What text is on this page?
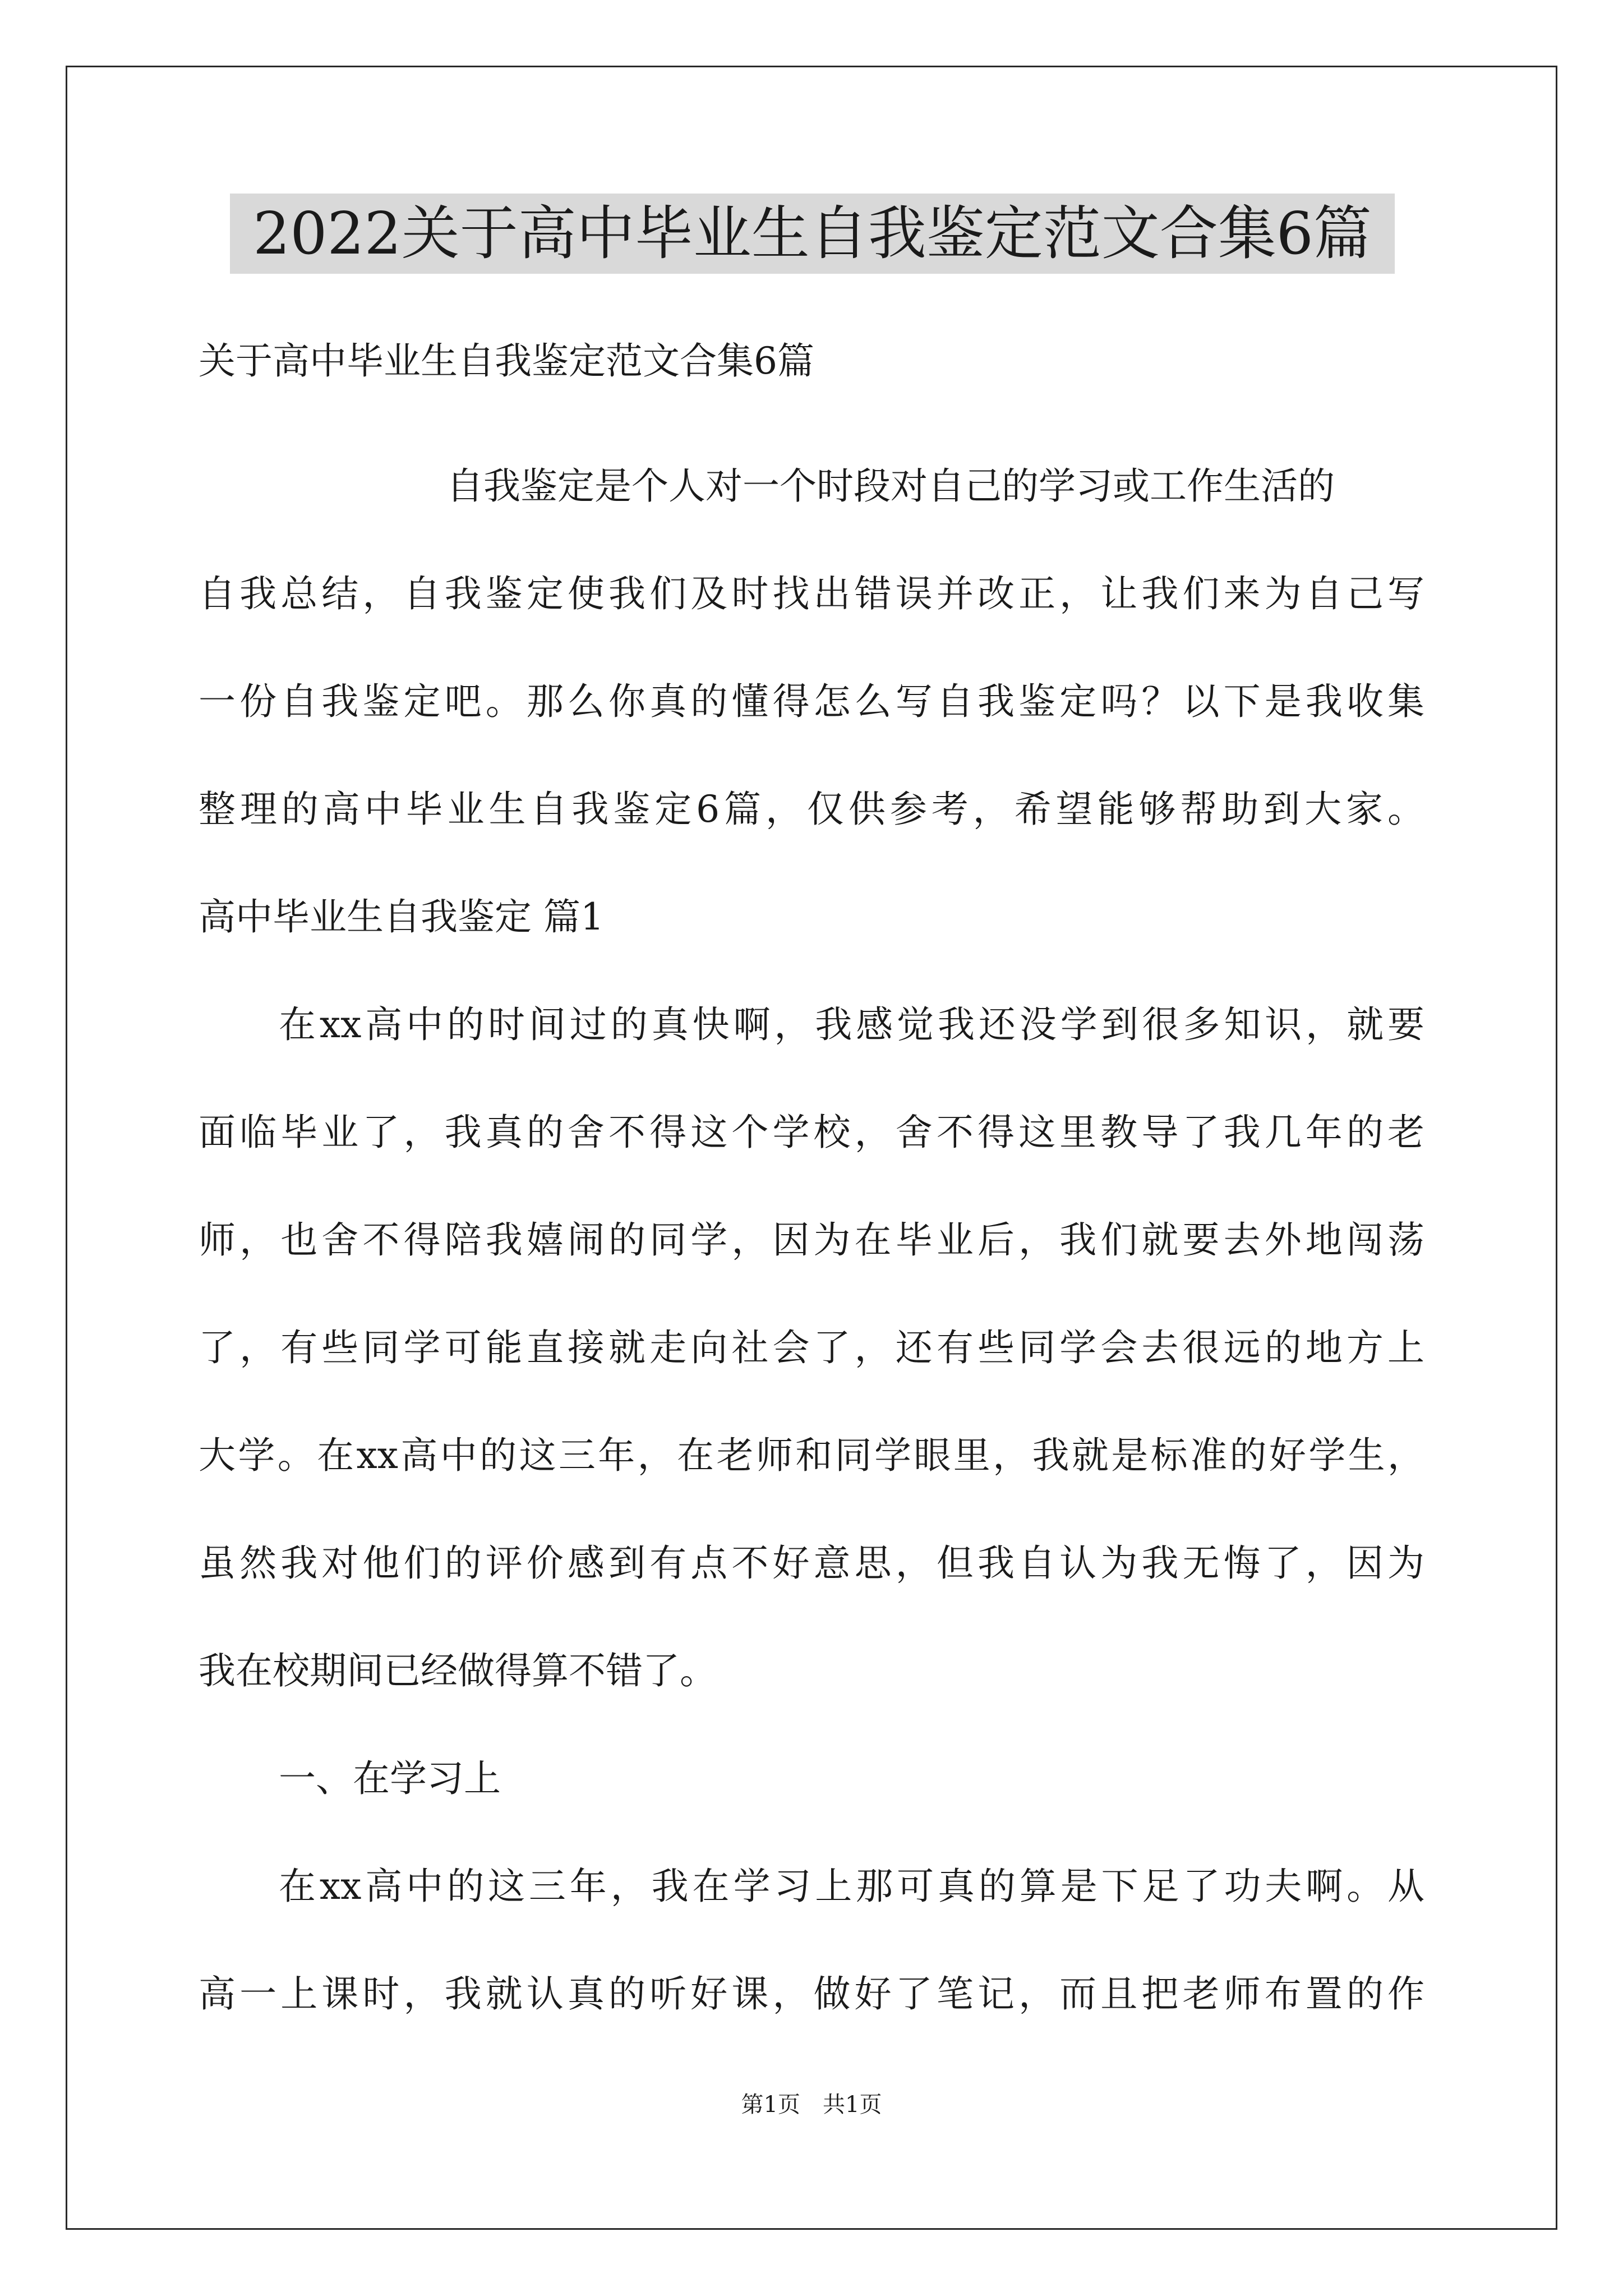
2022关于高中毕业生自我鉴定范文合集6篇
关于高中毕业生自我鉴定范文合集6篇
自我鉴定是个人对一个时段对自己的学习或工作生活的
自我总结，自我鉴定使我们及时找出错误并改正，让我们来为自己写
一份自我鉴定吧。那么你真的懂得怎么写自我鉴定吗？以下是我收集
整理的高中毕业生自我鉴定6篇，仅供参考，希望能够帮助到大家。
高中毕业生自我鉴定 篇1
在xx高中的时间过的真快啊，我感觉我还没学到很多知识，就要
面临毕业了，我真的舍不得这个学校，舍不得这里教导了我几年的老
师，也舍不得陪我嬉闹的同学，因为在毕业后，我们就要去外地闯荡
了，有些同学可能直接就走向社会了，还有些同学会去很远的地方上
大学。在xx高中的这三年，在老师和同学眼里，我就是标准的好学生，
虽然我对他们的评价感到有点不好意思，但我自认为我无悔了，因为
我在校期间已经做得算不错了。
一、在学习上
在xx高中的这三年，我在学习上那可真的算是下足了功夫啊。从
高一上课时，我就认真的听好课，做好了笔记，而且把老师布置的作
第1页　共1页
